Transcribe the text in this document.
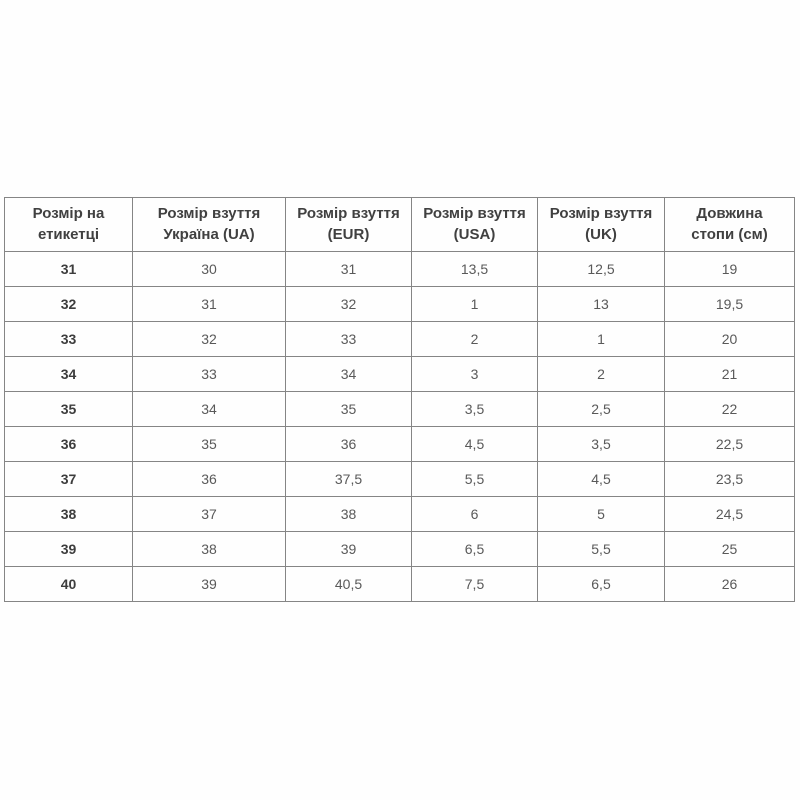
Розмір на етикетці	Розмір взуття Україна (UA)	Розмір взуття (EUR)	Розмір взуття (USA)	Розмір взуття (UK)	Довжина стопи (см)
31	30	31	13,5	12,5	19
32	31	32	1	13	19,5
33	32	33	2	1	20
34	33	34	3	2	21
35	34	35	3,5	2,5	22
36	35	36	4,5	3,5	22,5
37	36	37,5	5,5	4,5	23,5
38	37	38	6	5	24,5
39	38	39	6,5	5,5	25
40	39	40,5	7,5	6,5	26
